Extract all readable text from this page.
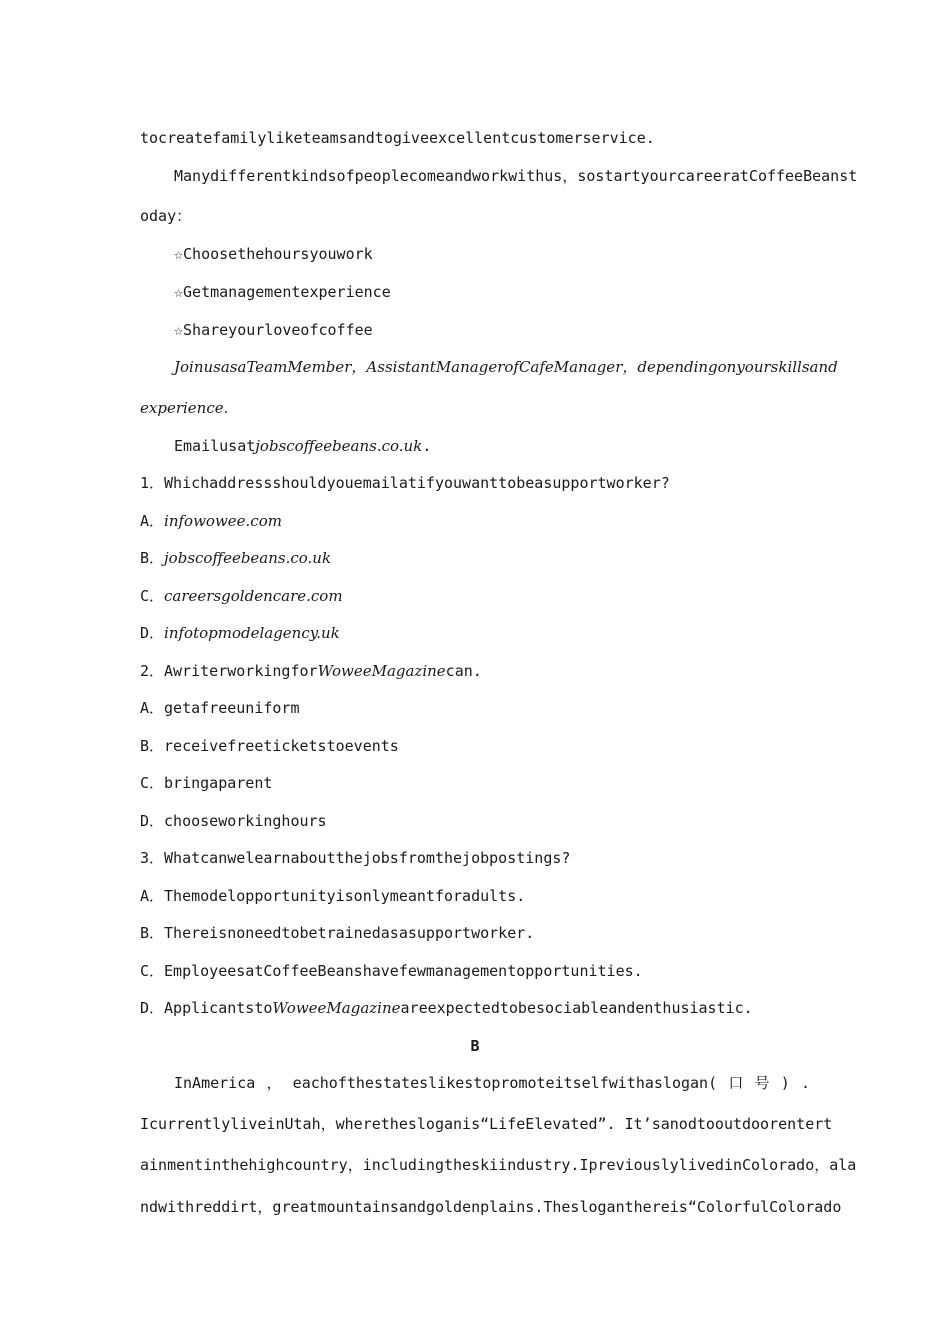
tocreatefamilyliketeamsandtogiveexcellentcustomerservice.
Manydifferentkindsofpeoplecomeandworkwithus，sostartyourcareeratCoffeeBeanst
oday：
☆Choosethehoursyouwork
☆Getmanagementexperience
☆Shareyourloveofcoffee
JoinusasaTeamMember，AssistantManagerofCafeManager，dependingonyourskillsand
experience.
Emailusatjobscoffeebeans.co.uk.
1．Whichaddressshouldyouemailatifyouwanttobeasupportworker?
A．infowowee.com
B．jobscoffeebeans.co.uk
C．careersgoldencare.com
D．infotopmodelagency.uk
2．AwriterworkingforWoweeMagazinecan.
A．getafreeuniform
B．receivefreeticketstoevents
C．bringaparent
D．chooseworkinghours
3．Whatcanwelearnaboutthejobsfromthejobpostings?
A．Themodelopportunityisonlymeantforadults.
B．Thereisnoneedtobetrainedasasupportworker.
C．EmployeesatCoffeeBeanshavefewmanagementopportunities.
D．ApplicantstoWoweeMagazineareexpectedtobesociableandenthusiastic.
B
InAmerica ， eachofthestateslikestopromoteitselfwithaslogan( 口 号 ) .
IcurrentlyliveinUtah，wherethesloganis“LifeElevated”. It’sanodtooutdoorentert
ainmentinthehighcountry，includingtheskiindustry.IpreviouslylivedinColorado，ala
ndwithreddirt ， greatmountainsandgoldenplains.Thesloganthereis“ColorfulColorado
